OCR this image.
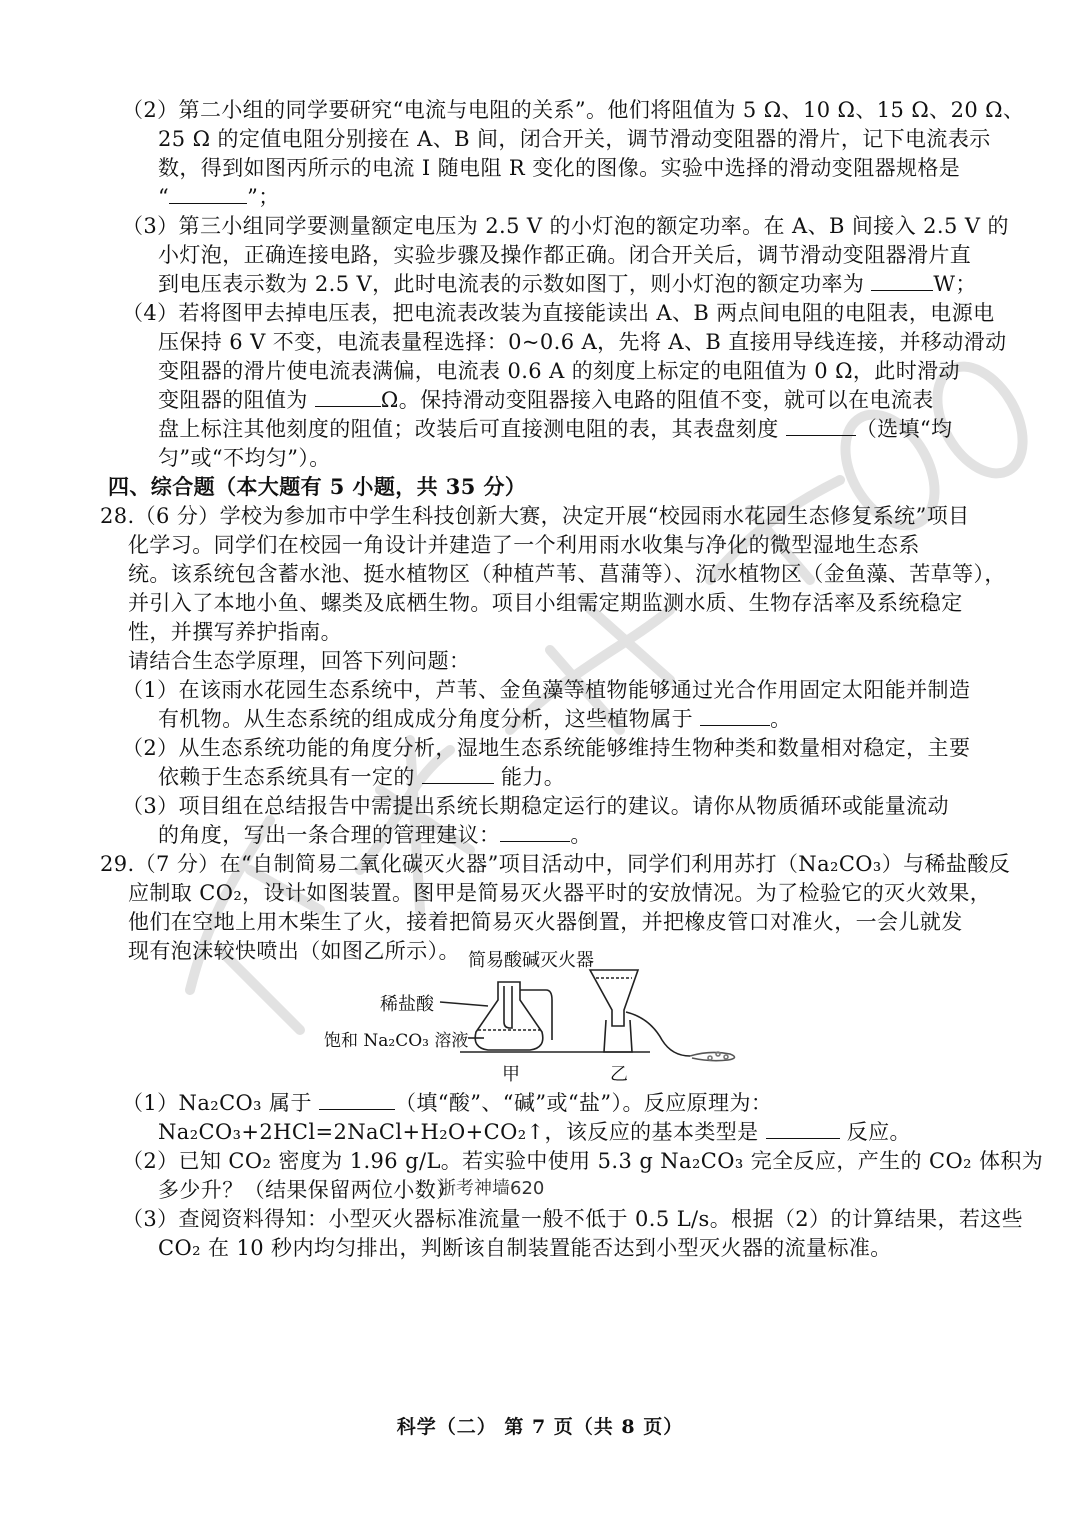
（2）第二小组的同学要研究“电流与电阻的关系”。他们将阻值为 5 Ω、10 Ω、15 Ω、20 Ω、
25 Ω 的定值电阻分别接在 A、B 间，闭合开关，调节滑动变阻器的滑片，记下电流表示
数，得到如图丙所示的电流 I 随电阻 R 变化的图像。实验中选择的滑动变阻器规格是
“	”；
（3）第三小组同学要测量额定电压为 2.5 V 的小灯泡的额定功率。在 A、B 间接入 2.5 V 的
小灯泡，正确连接电路，实验步骤及操作都正确。闭合开关后，调节滑动变阻器滑片直
到电压表示数为 2.5 V，此时电流表的示数如图丁，则小灯泡的额定功率为	W；
（4）若将图甲去掉电压表，把电流表改装为直接能读出 A、B 两点间电阻的电阻表，电源电
压保持 6 V 不变，电流表量程选择：0~0.6 A，先将 A、B 直接用导线连接，并移动滑动
变阻器的滑片使电流表满偏，电流表 0.6 A 的刻度上标定的电阻值为 0 Ω，此时滑动
变阻器的阻值为	Ω。保持滑动变阻器接入电路的阻值不变，就可以在电流表
盘上标注其他刻度的阻值；改装后可直接测电阻的表，其表盘刻度	（选填“均
匀”或“不均匀”）。
四、综合题（本大题有 5 小题，共 35 分）
28.（6 分）学校为参加市中学生科技创新大赛，决定开展“校园雨水花园生态修复系统”项目
化学习。同学们在校园一角设计并建造了一个利用雨水收集与净化的微型湿地生态系
统。该系统包含蓄水池、挺水植物区（种植芦苇、菖蒲等）、沉水植物区（金鱼藻、苦草等），
并引入了本地小鱼、螺类及底栖生物。项目小组需定期监测水质、生物存活率及系统稳定
性，并撰写养护指南。
请结合生态学原理，回答下列问题：
（1）在该雨水花园生态系统中，芦苇、金鱼藻等植物能够通过光合作用固定太阳能并制造
有机物。从生态系统的组成成分角度分析，这些植物属于	。
（2）从生态系统功能的角度分析，湿地生态系统能够维持生物种类和数量相对稳定，主要
依赖于生态系统具有一定的	能力。
（3）项目组在总结报告中需提出系统长期稳定运行的建议。请你从物质循环或能量流动
的角度，写出一条合理的管理建议：	。
29.（7 分）在“自制简易二氧化碳灭火器”项目活动中，同学们利用苏打（Na₂CO₃）与稀盐酸反
应制取 CO₂，设计如图装置。图甲是简易灭火器平时的安放情况。为了检验它的灭火效果，
他们在空地上用木柴生了火，接着把简易灭火器倒置，并把橡皮管口对准火，一会儿就发
现有泡沫较快喷出（如图乙所示）。 简易酸碱灭火器
稀盐酸
饱和 Na₂CO₃ 溶液
甲	乙
（1）Na₂CO₃ 属于	（填“酸”、“碱”或“盐”）。反应原理为：
Na₂CO₃+2HCl=2NaCl+H₂O+CO₂↑，该反应的基本类型是	反应。
（2）已知 CO₂ 密度为 1.96 g/L。若实验中使用 5.3 g Na₂CO₃ 完全反应，产生的 CO₂ 体积为
多少升？（结果保留两位小数）
浙考神墙620
（3）查阅资料得知：小型灭火器标准流量一般不低于 0.5 L/s。根据（2）的计算结果，若这些
CO₂ 在 10 秒内均匀排出，判断该自制装置能否达到小型灭火器的流量标准。
科学（二） 第 7 页（共 8 页）
